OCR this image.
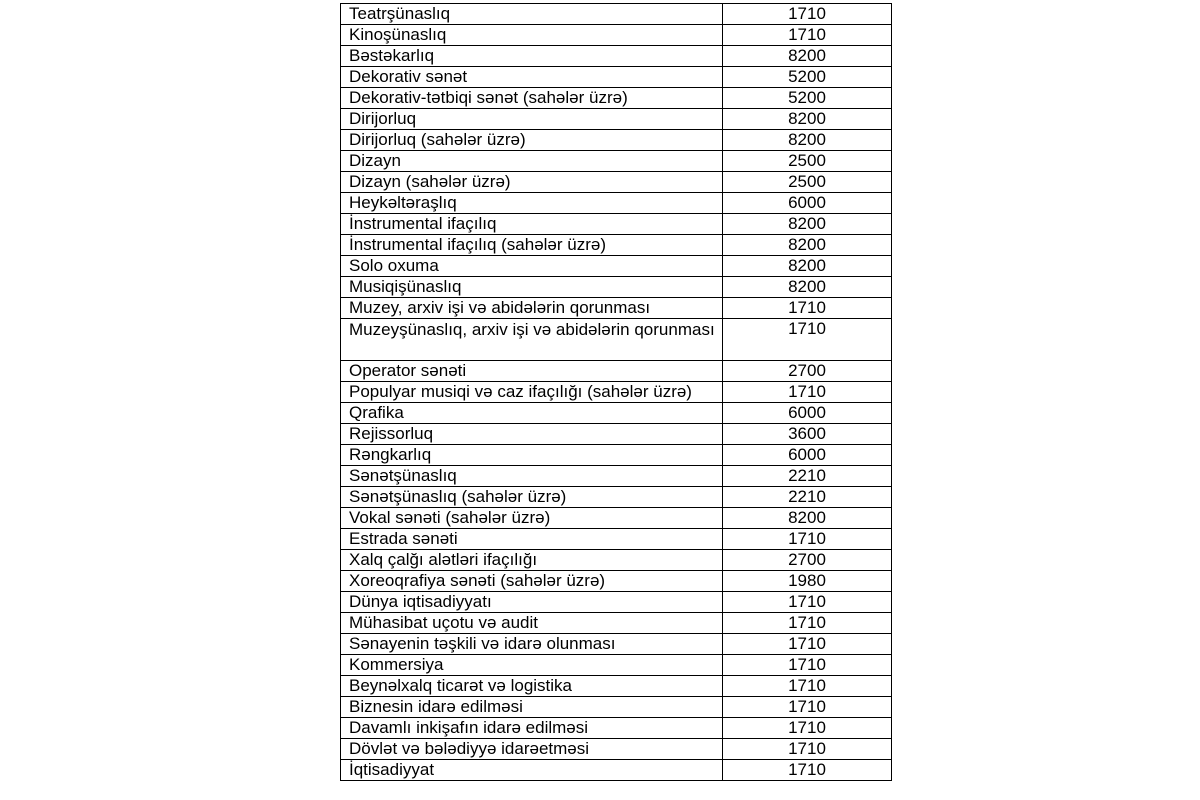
Teatrşünaslıq	1710
Kinoşünaslıq	1710
Bəstəkarlıq	8200
Dekorativ sənət	5200
Dekorativ-tətbiqi sənət (sahələr üzrə)	5200
Dirijorluq	8200
Dirijorluq (sahələr üzrə)	8200
Dizayn	2500
Dizayn (sahələr üzrə)	2500
Heykəltəraşlıq	6000
İnstrumental ifaçılıq	8200
İnstrumental ifaçılıq (sahələr üzrə)	8200
Solo oxuma	8200
Musiqişünaslıq	8200
Muzey, arxiv işi və abidələrin qorunması	1710
Muzeyşünaslıq, arxiv işi və abidələrin qorunması	1710
Operator sənəti	2700
Populyar musiqi və caz ifaçılığı (sahələr üzrə)	1710
Qrafika	6000
Rejissorluq	3600
Rəngkarlıq	6000
Sənətşünaslıq	2210
Sənətşünaslıq (sahələr üzrə)	2210
Vokal sənəti (sahələr üzrə)	8200
Estrada sənəti	1710
Xalq çalğı alətləri ifaçılığı	2700
Xoreoqrafiya sənəti (sahələr üzrə)	1980
Dünya iqtisadiyyatı	1710
Mühasibat uçotu və audit	1710
Sənayenin təşkili və idarə olunması	1710
Kommersiya	1710
Beynəlxalq ticarət və logistika	1710
Biznesin idarə edilməsi	1710
Davamlı inkişafın idarə edilməsi	1710
Dövlət və bələdiyyə idarəetməsi	1710
İqtisadiyyat	1710
